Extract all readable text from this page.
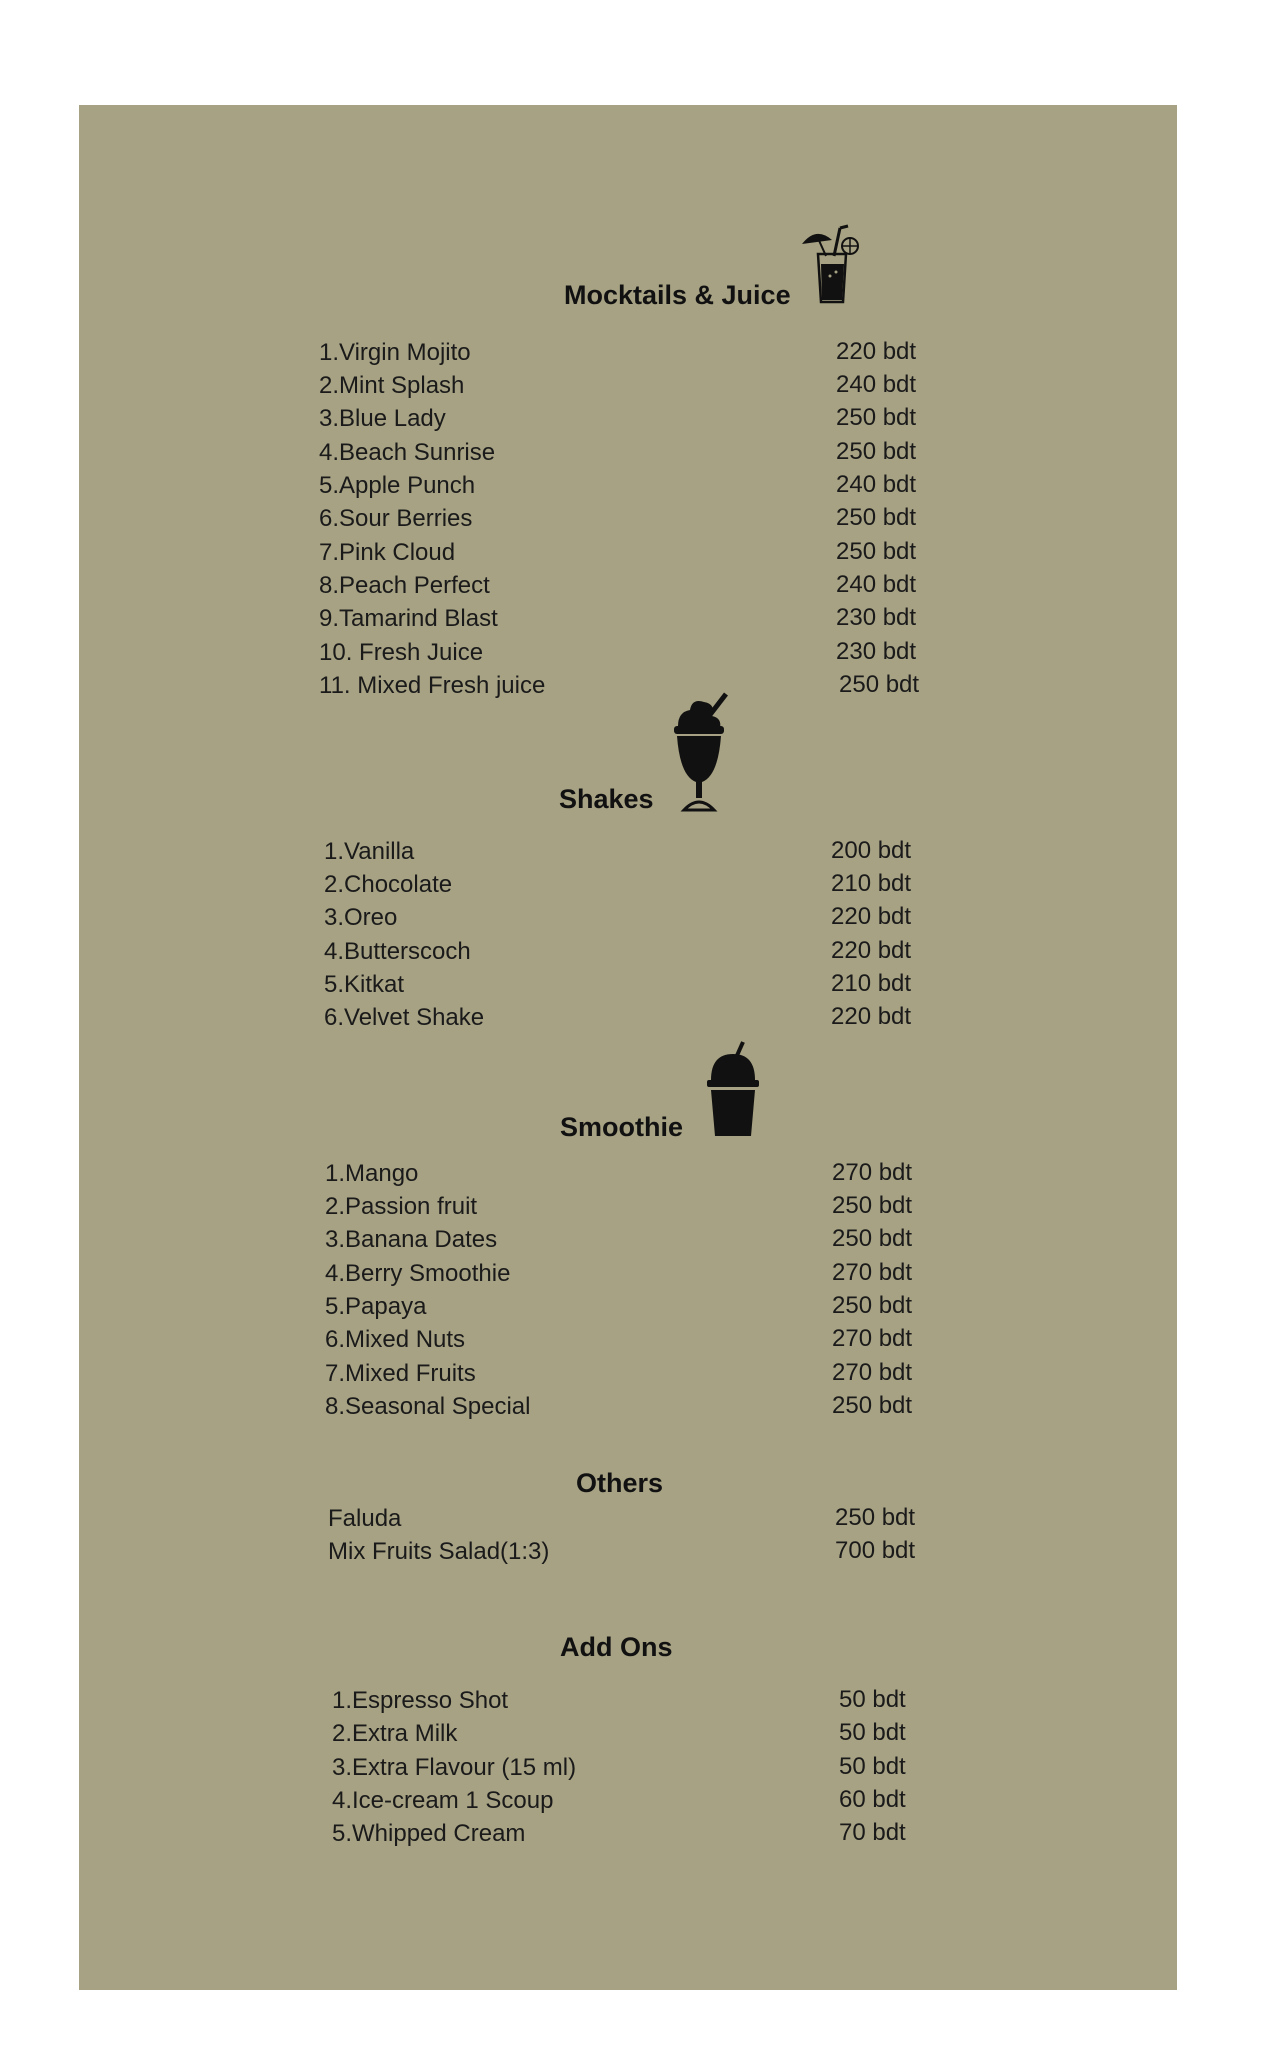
Mocktails & Juice
1.Virgin Mojito	220 bdt
2.Mint Splash	240 bdt
3.Blue Lady	250 bdt
4.Beach Sunrise	250 bdt
5.Apple Punch	240 bdt
6.Sour Berries	250 bdt
7.Pink Cloud	250 bdt
8.Peach Perfect	240 bdt
9.Tamarind Blast	230 bdt
10. Fresh Juice	230 bdt
11. Mixed Fresh juice	250 bdt
Shakes
1.Vanilla	200 bdt
2.Chocolate	210 bdt
3.Oreo	220 bdt
4.Butterscoch	220 bdt
5.Kitkat	210 bdt
6.Velvet Shake	220 bdt
Smoothie
1.Mango	270 bdt
2.Passion fruit	250 bdt
3.Banana Dates	250 bdt
4.Berry Smoothie	270 bdt
5.Papaya	250 bdt
6.Mixed Nuts	270 bdt
7.Mixed Fruits	270 bdt
8.Seasonal Special	250 bdt
Others
Faluda	250 bdt
Mix Fruits Salad(1:3)	700 bdt
Add Ons
1.Espresso Shot	50 bdt
2.Extra Milk	50 bdt
3.Extra Flavour (15 ml)	50 bdt
4.Ice-cream 1 Scoup	60 bdt
5.Whipped Cream	70 bdt
